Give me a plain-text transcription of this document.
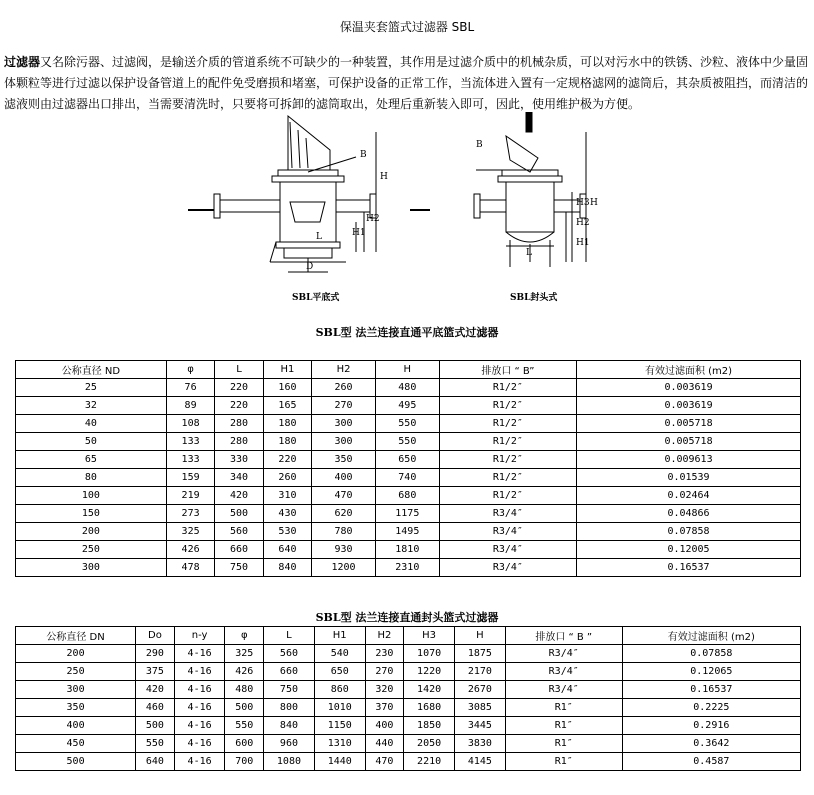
保温夹套篮式过滤器 SBL
过滤器又名除污器、过滤阀，是输送介质的管道系统不可缺少的一种装置，其作用是过滤介质中的机械杂质，可以对污水中的铁锈、沙粒、液体中少量固体颗粒等进行过滤以保护设备管道上的配件免受磨损和堵塞，可保护设备的正常工作，当流体进入置有一定规格滤网的滤筒后，其杂质被阻挡，而清洁的滤液则由过滤器出口排出，当需要清洗时，只要将可拆卸的滤筒取出，处理后重新装入即可，因此，使用维护极为方便。
SBL平底式	SBL封头式
B
H
H2
H1
L
D
B
H
H3
H2
H1
L
SBL型 法兰连接直通平底篮式过滤器
公称直径 ND	φ	L	H1	H2	H	排放口 “ B”	有效过滤面积 (m2)
25	76	220	160	260	480	R1/2″	0.003619
32	89	220	165	270	495	R1/2″	0.003619
40	108	280	180	300	550	R1/2″	0.005718
50	133	280	180	300	550	R1/2″	0.005718
65	133	330	220	350	650	R1/2″	0.009613
80	159	340	260	400	740	R1/2″	0.01539
100	219	420	310	470	680	R1/2″	0.02464
150	273	500	430	620	1175	R3/4″	0.04866
200	325	560	530	780	1495	R3/4″	0.07858
250	426	660	640	930	1810	R3/4″	0.12005
300	478	750	840	1200	2310	R3/4″	0.16537
SBL型 法兰连接直通封头篮式过滤器
公称直径 DN	Do	n-y	φ	L	H1	H2	H3	H	排放口 “ B ”	有效过滤面积 (m2)
200	290	4-16	325	560	540	230	1070	1875	R3/4″	0.07858
250	375	4-16	426	660	650	270	1220	2170	R3/4″	0.12065
300	420	4-16	480	750	860	320	1420	2670	R3/4″	0.16537
350	460	4-16	500	800	1010	370	1680	3085	R1″	0.2225
400	500	4-16	550	840	1150	400	1850	3445	R1″	0.2916
450	550	4-16	600	960	1310	440	2050	3830	R1″	0.3642
500	640	4-16	700	1080	1440	470	2210	4145	R1″	0.4587
